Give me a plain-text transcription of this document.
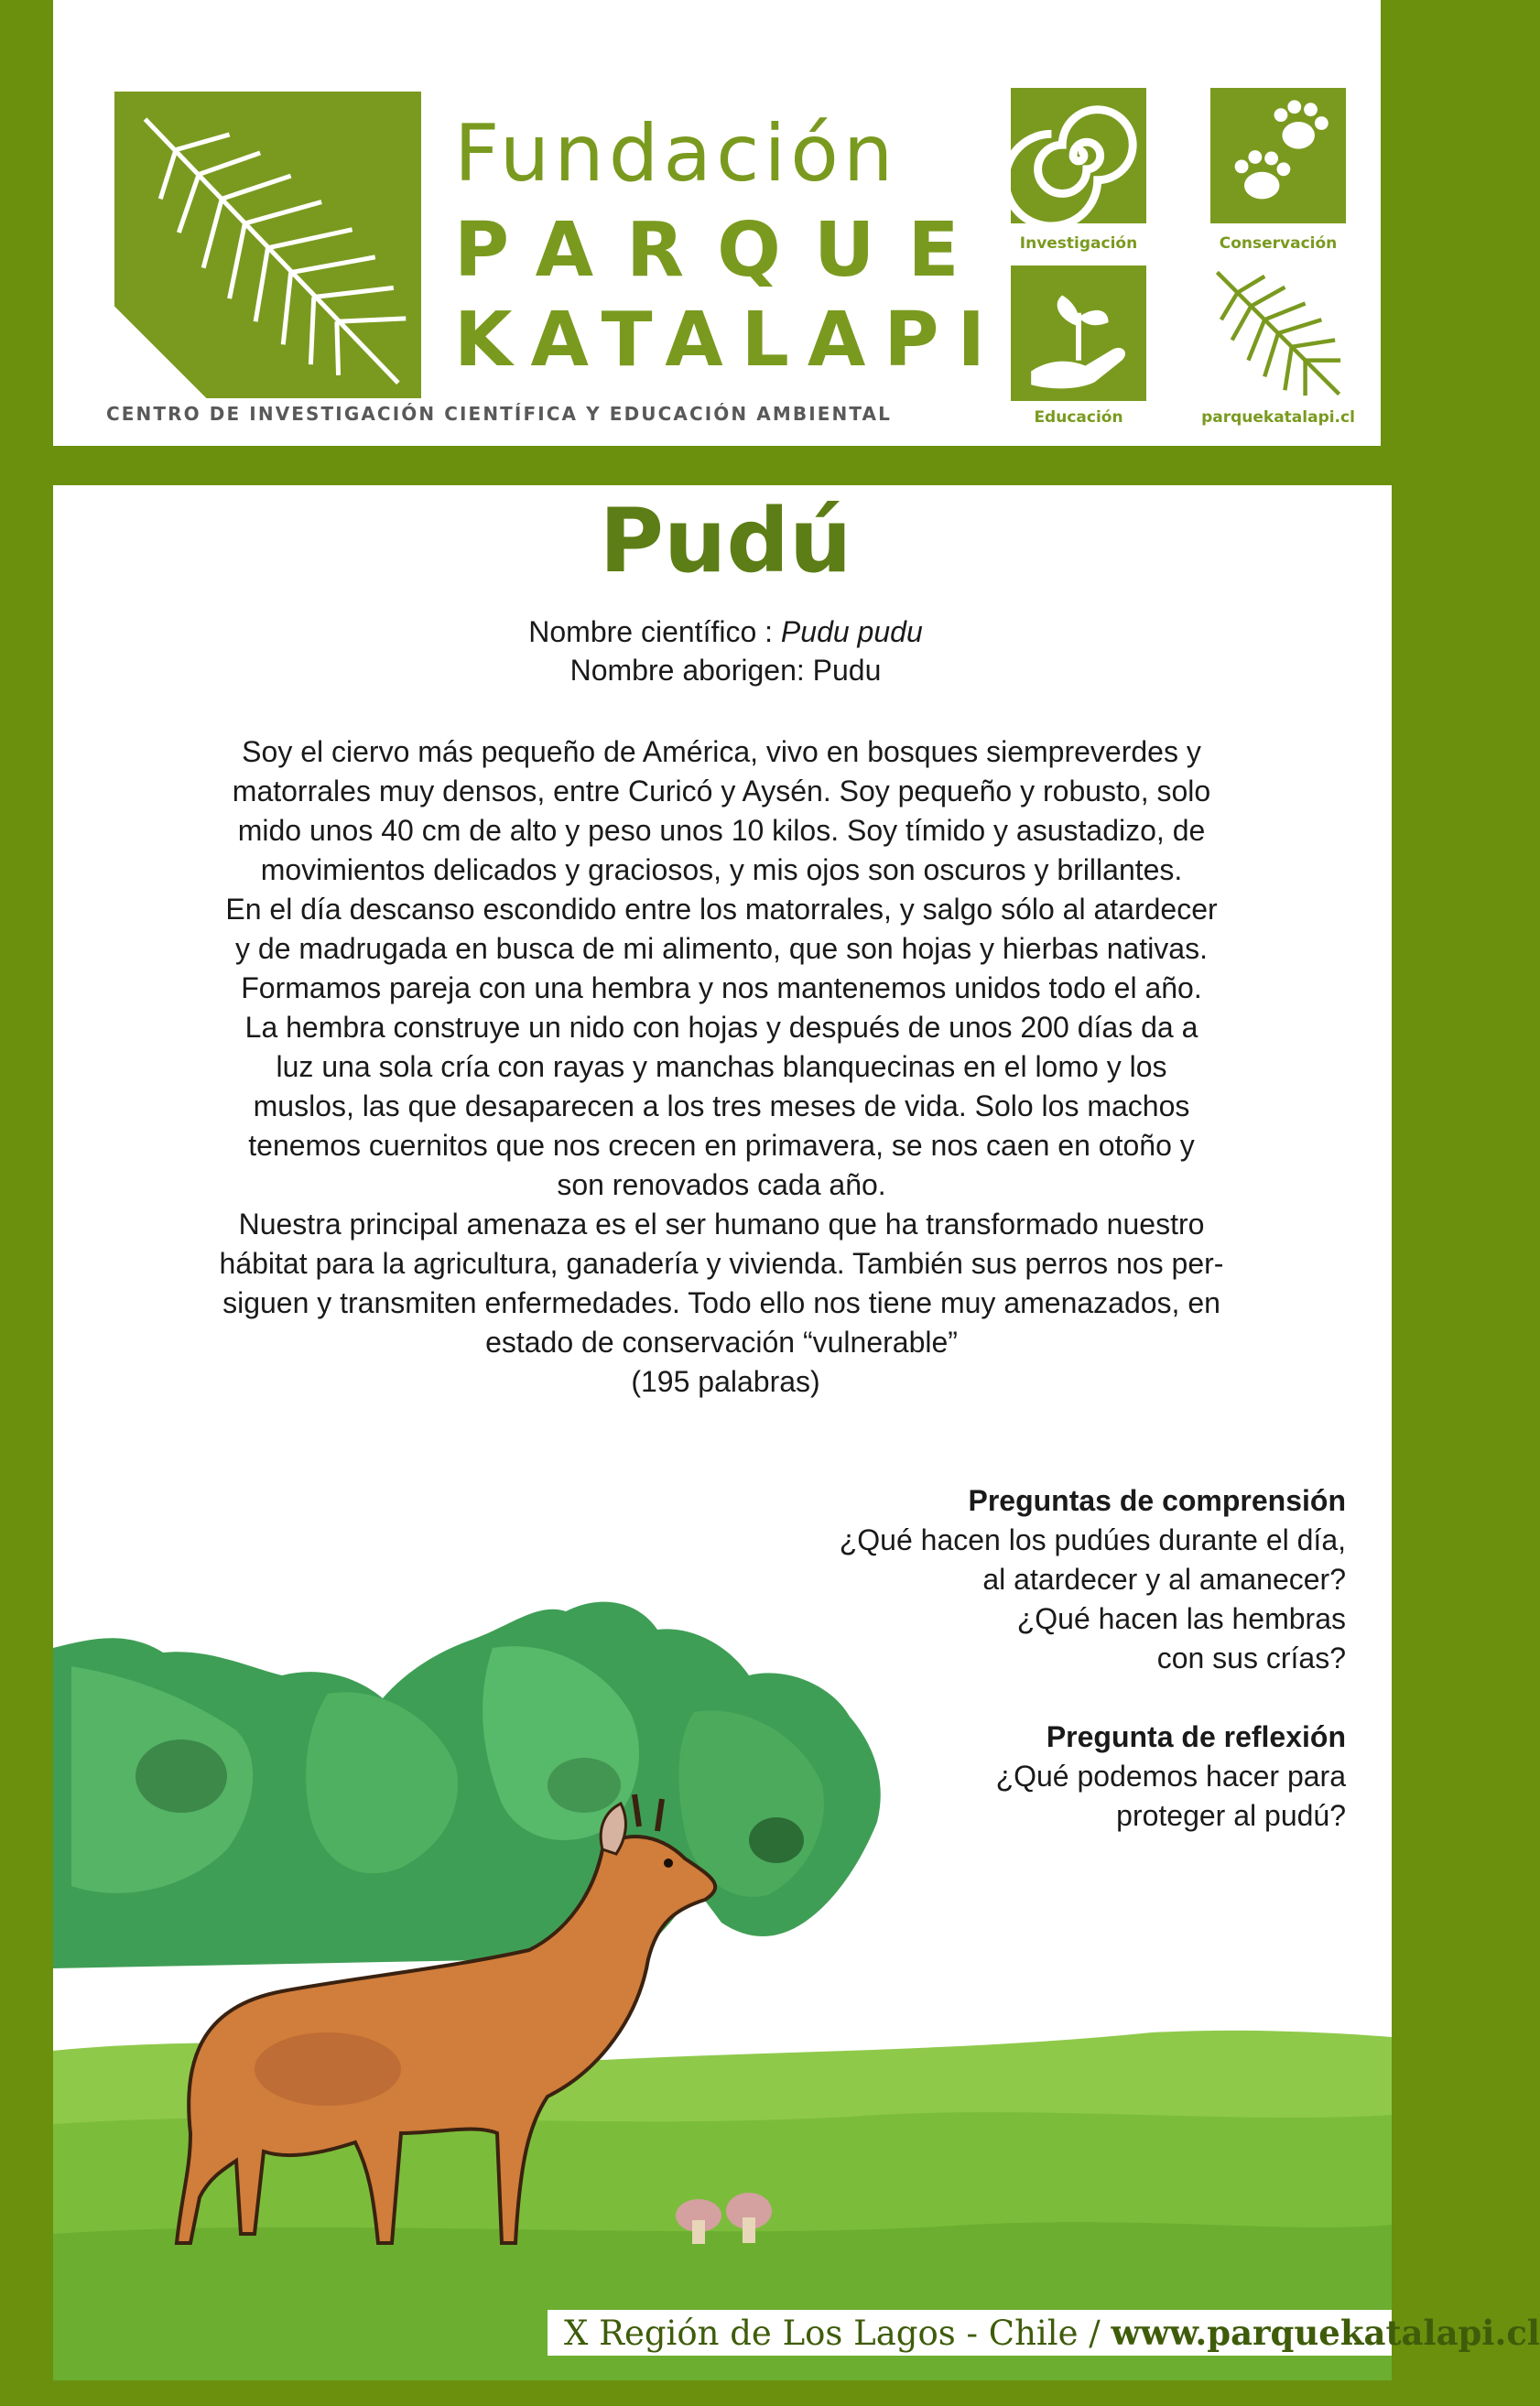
Fundación
PARQUE
KATALAPI
CENTRO DE INVESTIGACIÓN CIENTÍFICA Y EDUCACIÓN AMBIENTAL
Investigación	Conservación
Educación	parquekatalapi.cl
Pudú
Nombre científico : Pudu pudu
Nombre aborigen: Pudu

Soy el ciervo más pequeño de América, vivo en bosques siempreverdes y

matorrales muy densos, entre Curicó y Aysén. Soy pequeño y robusto, solo

mido unos 40 cm de alto y peso unos 10 kilos. Soy tímido y asustadizo, de

movimientos delicados y graciosos, y mis ojos son oscuros y brillantes.

En el día descanso escondido entre los matorrales, y salgo sólo al atardecer

y de madrugada en busca de mi alimento, que son hojas y hierbas nativas.

Formamos pareja con una hembra y nos mantenemos unidos todo el año.

La hembra construye un nido con hojas y después de unos 200 días da a

luz una sola cría con rayas y manchas blanquecinas en el lomo y los

muslos, las que desaparecen a los tres meses de vida. Solo los machos

tenemos cuernitos que nos crecen en primavera, se nos caen en otoño y

son renovados cada año.

Nuestra principal amenaza es el ser humano que ha transformado nuestro

hábitat para la agricultura, ganadería y vivienda. También sus perros nos per-

siguen y transmiten enfermedades. Todo ello nos tiene muy amenazados, en

estado de conservación “vulnerable”

(195 palabras)
Preguntas de comprensión
¿Qué hacen los pudúes durante el día,
al atardecer y al amanecer?
¿Qué hacen las hembras
con sus crías?
Pregunta de reflexión
¿Qué podemos hacer para
proteger al pudú?
X Región de Los Lagos - Chile / www.parquekatalapi.cl
